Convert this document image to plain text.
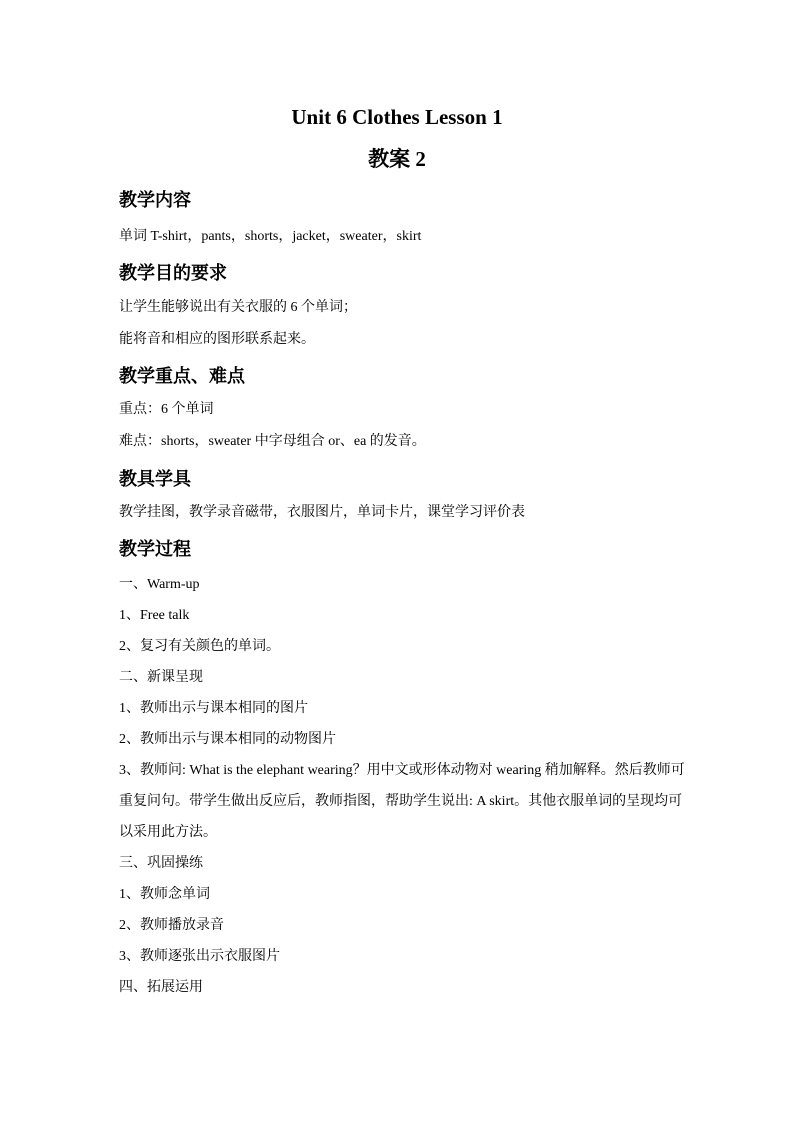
Unit 6 Clothes Lesson 1
教案 2
教学内容
单词 T-shirt，pants，shorts，jacket，sweater，skirt
教学目的要求
让学生能够说出有关衣服的 6 个单词；
能将音和相应的图形联系起来。
教学重点、难点
重点：6 个单词
难点：shorts，sweater 中字母组合 or、ea 的发音。
教具学具
教学挂图，教学录音磁带，衣服图片，单词卡片，课堂学习评价表
教学过程
一、Warm-up
1、Free talk
2、复习有关颜色的单词。
二、新课呈现
1、教师出示与课本相同的图片
2、教师出示与课本相同的动物图片
3、教师问: What is the elephant wearing？用中文或形体动物对 wearing 稍加解释。然后教师可重复问句。带学生做出反应后，教师指图，帮助学生说出: A skirt。其他衣服单词的呈现均可以采用此方法。
三、巩固操练
1、教师念单词
2、教师播放录音
3、教师逐张出示衣服图片
四、拓展运用
